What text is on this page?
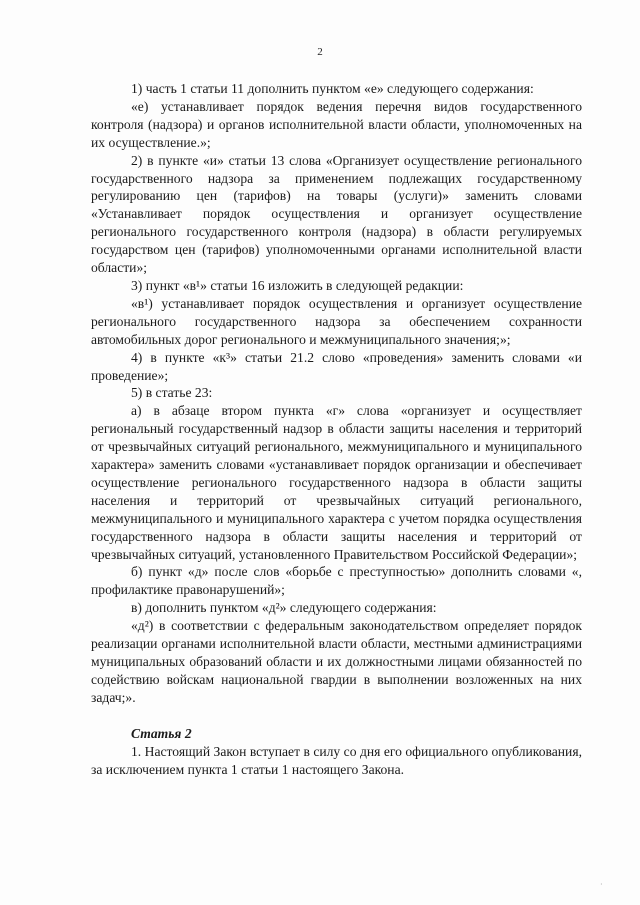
2

1) часть 1 статьи 11 дополнить пунктом «е» следующего содержания:

«е) устанавливает порядок ведения перечня видов государственного контроля (надзора) и органов исполнительной власти области, уполномоченных на их осуществление.»;

2) в пункте «и» статьи 13 слова «Организует осуществление регионального государственного надзора за применением подлежащих государственному регулированию цен (тарифов) на товары (услуги)» заменить словами «Устанавливает порядок осуществления и организует осуществление регионального государственного контроля (надзора) в области регулируемых государством цен (тарифов) уполномоченными органами исполнительной власти области»;

3) пункт «в¹» статьи 16 изложить в следующей редакции:

«в¹) устанавливает порядок осуществления и организует осуществление регионального государственного надзора за обеспечением сохранности автомобильных дорог регионального и межмуниципального значения;»;

4) в пункте «к³» статьи 21.2 слово «проведения» заменить словами «и проведение»;

5) в статье 23:

а) в абзаце втором пункта «г» слова «организует и осуществляет региональный государственный надзор в области защиты населения и территорий от чрезвычайных ситуаций регионального, межмуниципального и муниципального характера» заменить словами «устанавливает порядок организации и обеспечивает осуществление регионального государственного надзора в области защиты населения и территорий от чрезвычайных ситуаций регионального, межмуниципального и муниципального характера с учетом порядка осуществления государственного надзора в области защиты населения и территорий от чрезвычайных ситуаций, установленного Правительством Российской Федерации»;

б) пункт «д» после слов «борьбе с преступностью» дополнить словами «, профилактике правонарушений»;

в) дополнить пунктом «д²» следующего содержания:

«д²) в соответствии с федеральным законодательством определяет порядок реализации органами исполнительной власти области, местными администрациями муниципальных образований области и их должностными лицами обязанностей по содействию войскам национальной гвардии в выполнении возложенных на них задач;».

Статья 2

1. Настоящий Закон вступает в силу со дня его официального опубликования, за исключением пункта 1 статьи 1 настоящего Закона.

·
